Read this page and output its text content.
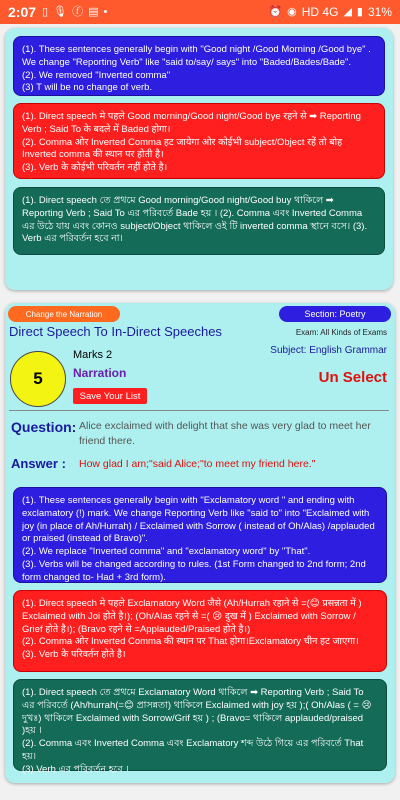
2:07 ▯ 🎙 ⓕ ▤ •	⏰ ◉ HD 4G ◢ ▮ 31%

(1). These sentences generally begin with "Good night /Good Morning /Good bye" . We change "Reporting Verb" like "said to/say/ says" into "Baded/Bades/Bade".

(2). We removed "Inverted comma"

(3) T will be no change of verb.

(1). Direct speech मे पहले Good morning/Good night/Good bye रहने से ➡ Reporting Verb ; Said To के बदले में Baded होगा।

(2). Comma ओर Inverted Comma हट जायेगा ओर कोईभी subject/Object रहें तो बोह Inverted comma की स्थान पर होती है।

(3). Verb के कोईभी परिवर्तन नहीं होते है।

(1). Direct speech তে প্রথমে Good morning/Good night/Good buy থাকিলে ➡ Reporting Verb ; Said To এর পরিবর্তে Bade হয় । (2). Comma এবং Inverted Comma এর উঠে যায় এবং কোনও subject/Object থাকিলে ওই টি inverted comma স্থানে বসে। (3). Verb এর পরিবর্তন হবে না।

Change the Narration	Section: Poetry
Direct Speech To In-Direct Speeches	Exam: All Kinds of Exams
Subject: English Grammar
5
Marks 2
Narration
Save Your List
Un Select
Question: Alice exclaimed with delight that she was very glad to meet her friend there.
Answer : How glad I am;"said Alice;"to meet my friend here."

(1). These sentences generally begin with "Exclamatory word " and ending with exclamatory (!) mark. We change Reporting Verb like "said to" into "Exclaimed with joy (in place of Ah/Hurrah) / Exclaimed with Sorrow ( instead of Oh/Alas) /applauded or praised (instead of Bravo)".

(2). We replace "Inverted comma" and "exclamatory word" by "That".

(3). Verbs will be changed according to rules. (1st Form changed to 2nd form; 2nd form changed to- Had + 3rd form).

(1). Direct speech मे पहले Exclamatory Word जैसे (Ah/Hurrah रहाने से =(😊 प्रसन्नता में ) Exclaimed with Joi होते है।); (Oh/Alas रहने से =( 😢 दुख में ) Exclaimed with Sorrow / Grief होते है।); (Bravo रहने से =Applauded/Praised होते है।)

(2). Comma ओर Inverted Comma की स्थान पर That होगा।Exclamatory चीन हट जाएगा।

(3). Verb के परिवर्तन होते है।

(1). Direct speech তে প্রথমে Exclamatory Word থাকিলে ➡ Reporting Verb ; Said To এর পরিবর্তে (Ah/hurrah(=😊 প্রাসন্নতা) থাকিলে Exclaimed with joy হয় );( Oh/Alas ( = 😢দুখঃ) থাকিলে Exclaimed with Sorrow/Grif হয় ) ; (Bravo= থাকিলে applauded/praised )হয় ।

(2). Comma এবং Inverted Comma এবং Exclamatory শব্দ উঠে গিয়ে এর পরিবর্তে That হয়।

(3).Verb এর পরিবর্তন হবে ।
